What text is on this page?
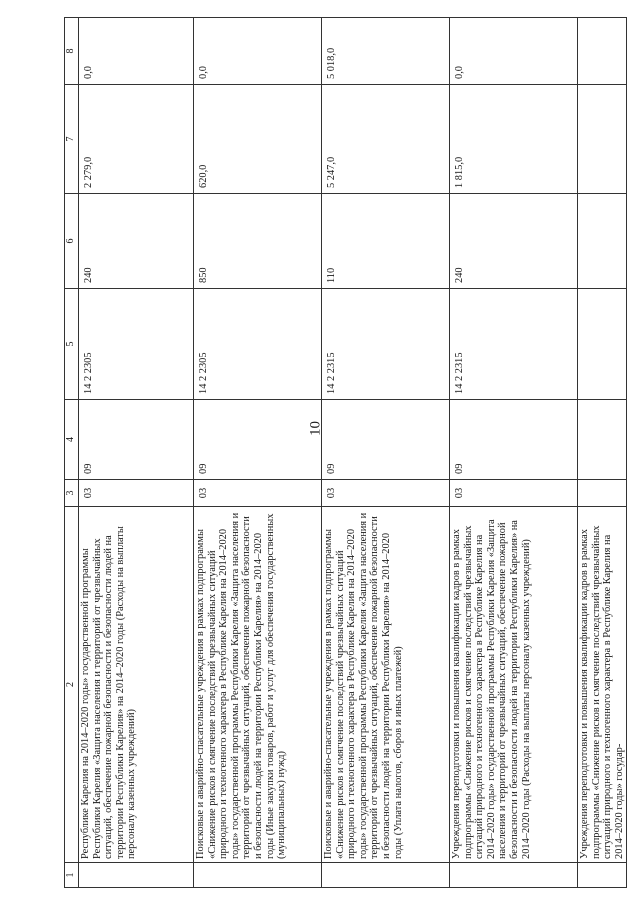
10
1	2	3	4	5	6	7	8
	Республике Карелия на 2014–2020 годы» государственной программы Республики Карелия «Защита населения и территорий от чрезвычайных ситуаций, обеспечение пожарной безопасности и безопасности людей на территории Республики Карелия» на 2014–2020 годы (Расходы на выплаты персоналу казенных учреждений)	03	09	14 2 2305	240	2 279,0	0,0
	Поисковые и аварийно-спасательные учреждения в рамках подпрограммы «Снижение рисков и смягчение последствий чрезвычайных ситуаций природного и техногенного характера в Республике Карелия на 2014–2020 годы» государственной программы Республики Карелия «Защита населения и территорий от чрезвычайных ситуаций, обеспечение пожарной безопасности и безопасности людей на территории Республики Карелия» на 2014–2020 годы (Иные закупки товаров, работ и услуг для обеспечения государственных (муниципальных) нужд)	03	09	14 2 2305	850	620,0	0,0
	Поисковые и аварийно-спасательные учреждения в рамках подпрограммы «Снижение рисков и смягчение последствий чрезвычайных ситуаций природного и техногенного характера в Республике Карелия на 2014–2020 годы» государственной программы Республики Карелия «Защита населения и территорий от чрезвычайных ситуаций, обеспечение пожарной безопасности и безопасности людей на территории Республики Карелия» на 2014–2020 годы (Уплата налогов, сборов и иных платежей)	03	09	14 2 2315	110	5 247,0	5 018,0
	Учреждения переподготовки и повышения квалификации кадров в рамках подпрограммы «Снижение рисков и смягчение последствий чрезвычайных ситуаций природного и техногенного характера в Республике Карелия на 2014–2020 годы» государственной программы Республики Карелия «Защита населения и территорий от чрезвычайных ситуаций, обеспечение пожарной безопасности и безопасности людей на территории Республики Карелия» на 2014–2020 годы (Расходы на выплаты персоналу казенных учреждений)	03	09	14 2 2315	240	1 815,0	0,0
	Учреждения переподготовки и повышения квалификации кадров в рамках подпрограммы «Снижение рисков и смягчение последствий чрезвычайных ситуаций природного и техногенного характера в Республике Карелия на 2014–2020 годы» государ-						
